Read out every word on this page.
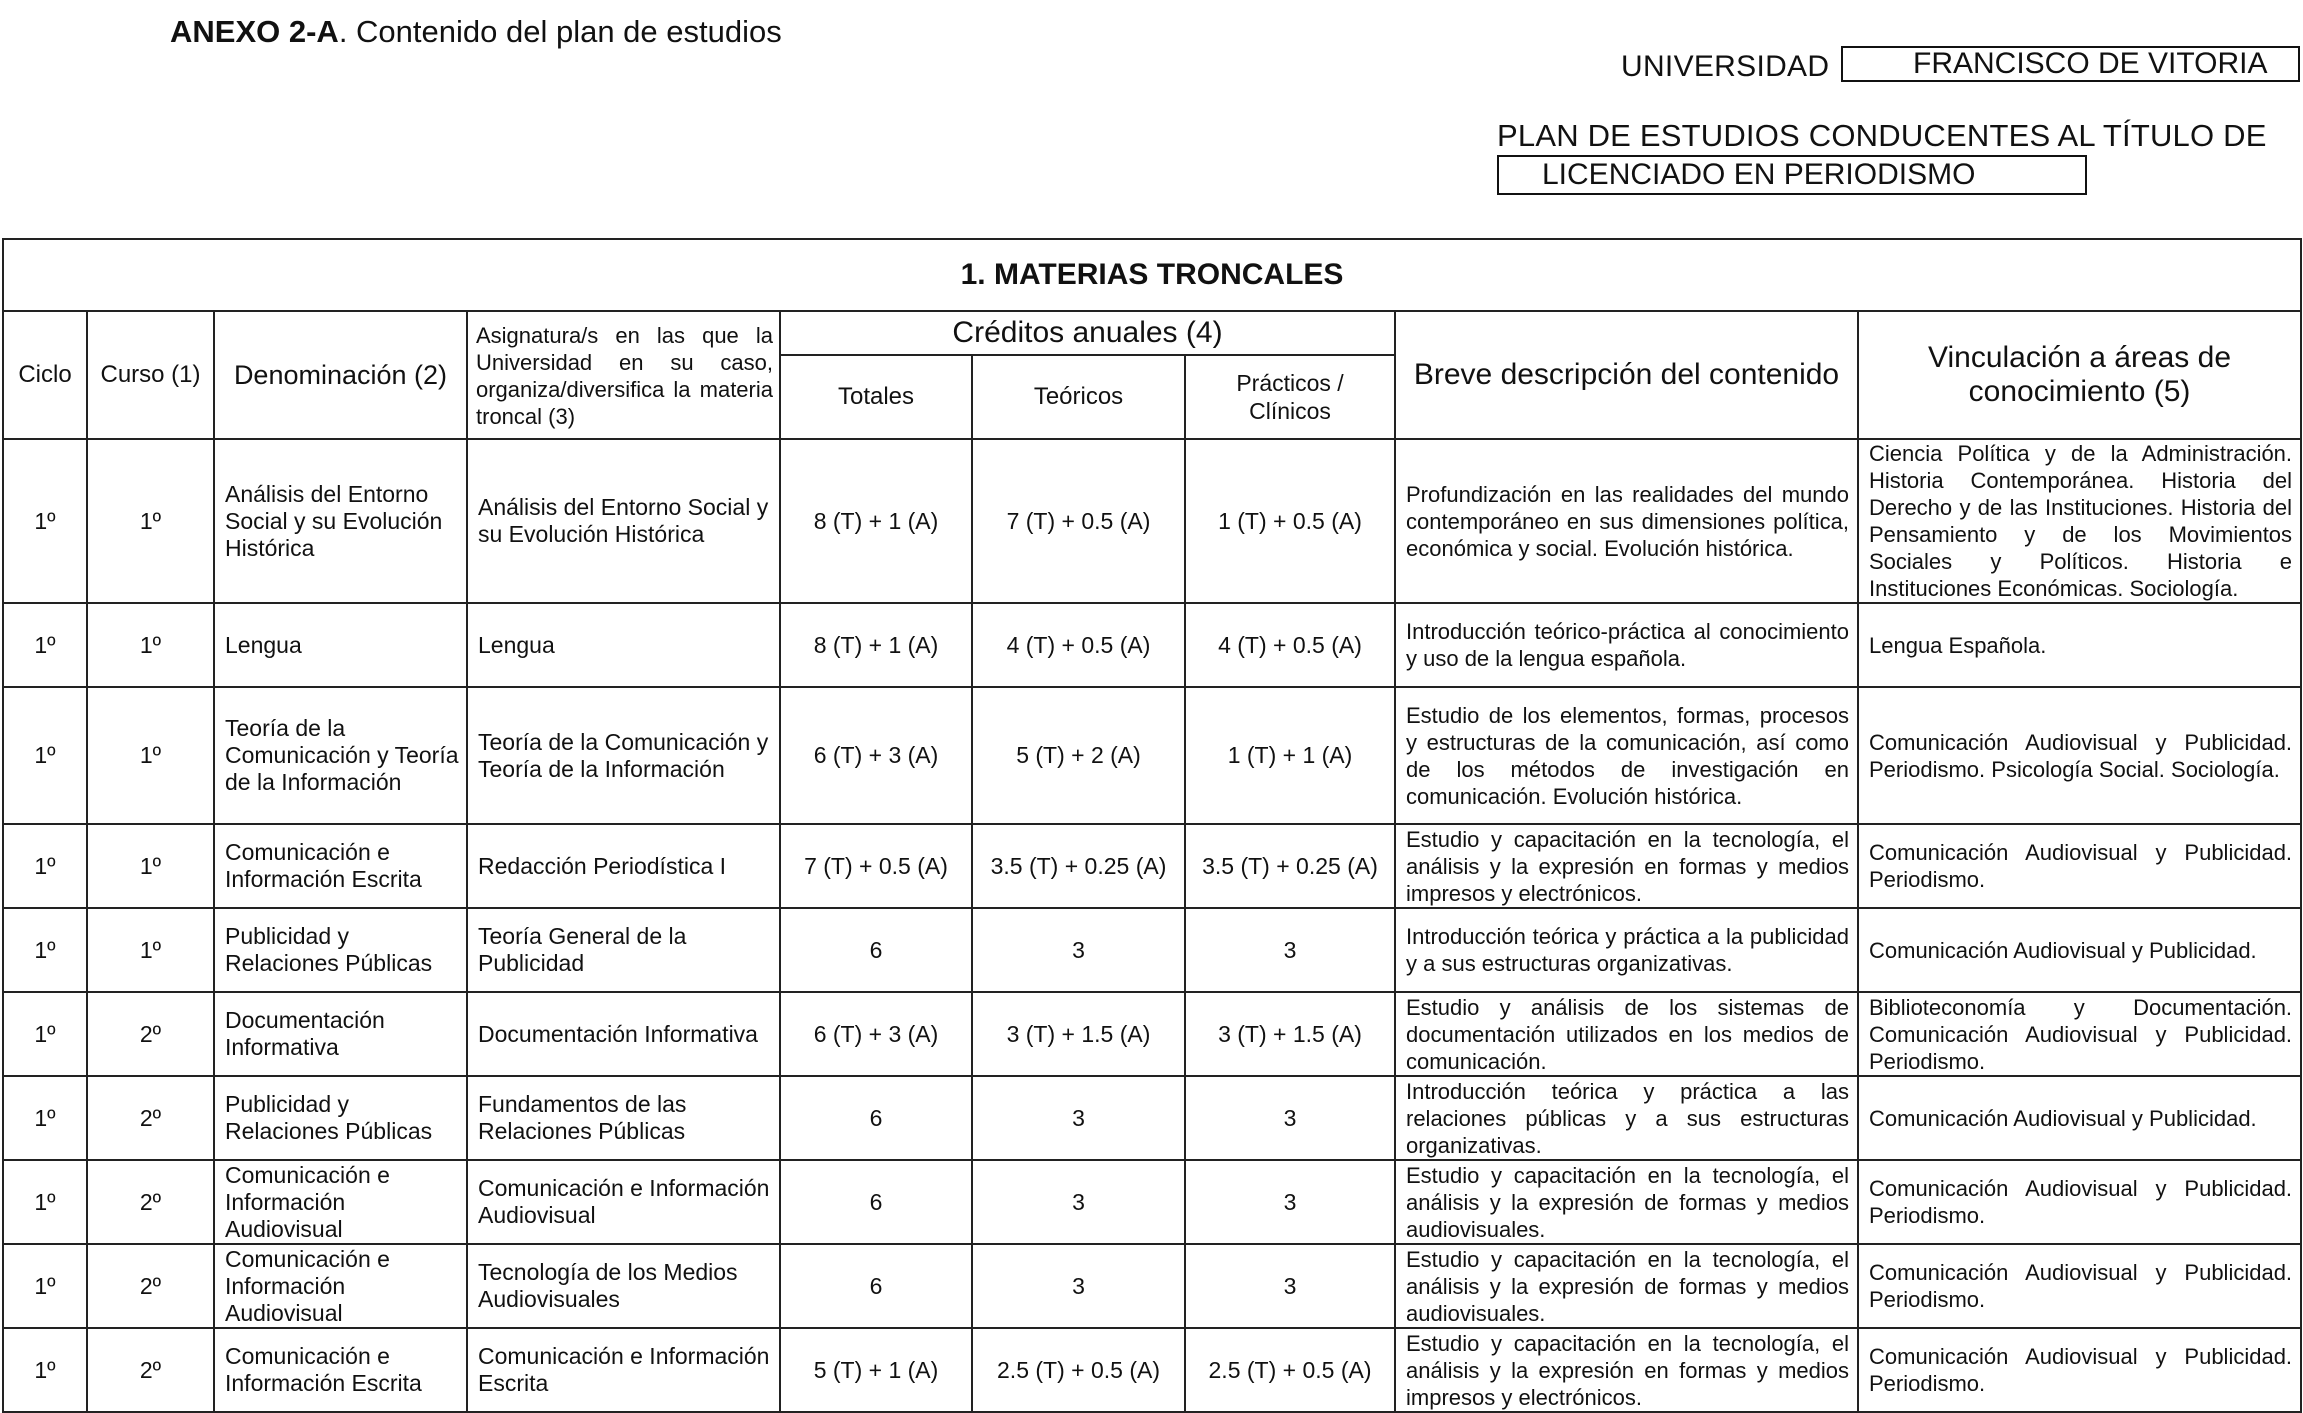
ANEXO 2-A. Contenido del plan de estudios
UNIVERSIDAD	FRANCISCO DE VITORIA
PLAN DE ESTUDIOS CONDUCENTES AL TÍTULO DE
LICENCIADO EN PERIODISMO
1. MATERIAS TRONCALES								
Ciclo	Curso (1)	Denominación (2)	Asignatura/s en las que la Universidad en su caso, organiza/diversifica la materia troncal (3)	Créditos anuales (4)			Breve descripción del contenido	Vinculación a áreas de conocimiento (5)
				Totales	Teóricos	Prácticos / Clínicos		
1º	1º	Análisis del Entorno Social y su Evolución Histórica	Análisis del Entorno Social y su Evolución Histórica	8 (T) + 1 (A)	7 (T) + 0.5 (A)	1 (T) + 0.5 (A)	Profundización en las realidades del mundo contemporáneo en sus dimensiones política, económica y social. Evolución histórica.	Ciencia Política y de la Administración. Historia Contemporánea. Historia del Derecho y de las Instituciones. Historia del Pensamiento y de los Movimientos Sociales y Políticos. Historia e Instituciones Económicas. Sociología.
1º	1º	Lengua	Lengua	8 (T) + 1 (A)	4 (T) + 0.5 (A)	4 (T) + 0.5 (A)	Introducción teórico-práctica al conocimiento y uso de la lengua española.	Lengua Española.
1º	1º	Teoría de la Comunicación y Teoría de la Información	Teoría de la Comunicación y Teoría de la Información	6 (T) + 3 (A)	5 (T) + 2 (A)	1 (T) + 1 (A)	Estudio de los elementos, formas, procesos y estructuras de la comunicación, así como de los métodos de investigación en comunicación. Evolución histórica.	Comunicación Audiovisual y Publicidad. Periodismo. Psicología Social. Sociología.
1º	1º	Comunicación e Información Escrita	Redacción Periodística I	7 (T) + 0.5 (A)	3.5 (T) + 0.25 (A)	3.5 (T) + 0.25 (A)	Estudio y capacitación en la tecnología, el análisis y la expresión en formas y medios impresos y electrónicos.	Comunicación Audiovisual y Publicidad. Periodismo.
1º	1º	Publicidad y Relaciones Públicas	Teoría General de la Publicidad	6	3	3	Introducción teórica y práctica a la publicidad y a sus estructuras organizativas.	Comunicación Audiovisual y Publicidad.
1º	2º	Documentación Informativa	Documentación Informativa	6 (T) + 3 (A)	3 (T) + 1.5 (A)	3 (T) + 1.5 (A)	Estudio y análisis de los sistemas de documentación utilizados en los medios de comunicación.	Biblioteconomía y Documentación. Comunicación Audiovisual y Publicidad. Periodismo.
1º	2º	Publicidad y Relaciones Públicas	Fundamentos de las Relaciones Públicas	6	3	3	Introducción teórica y práctica a las relaciones públicas y a sus estructuras organizativas.	Comunicación Audiovisual y Publicidad.
1º	2º	Comunicación e Información Audiovisual	Comunicación e Información Audiovisual	6	3	3	Estudio y capacitación en la tecnología, el análisis y la expresión de formas y medios audiovisuales.	Comunicación Audiovisual y Publicidad. Periodismo.
1º	2º	Comunicación e Información Audiovisual	Tecnología de los Medios Audiovisuales	6	3	3	Estudio y capacitación en la tecnología, el análisis y la expresión de formas y medios audiovisuales.	Comunicación Audiovisual y Publicidad. Periodismo.
1º	2º	Comunicación e Información Escrita	Comunicación e Información Escrita	5 (T) + 1 (A)	2.5 (T) + 0.5 (A)	2.5 (T) + 0.5 (A)	Estudio y capacitación en la tecnología, el análisis y la expresión en formas y medios impresos y electrónicos.	Comunicación Audiovisual y Publicidad. Periodismo.
